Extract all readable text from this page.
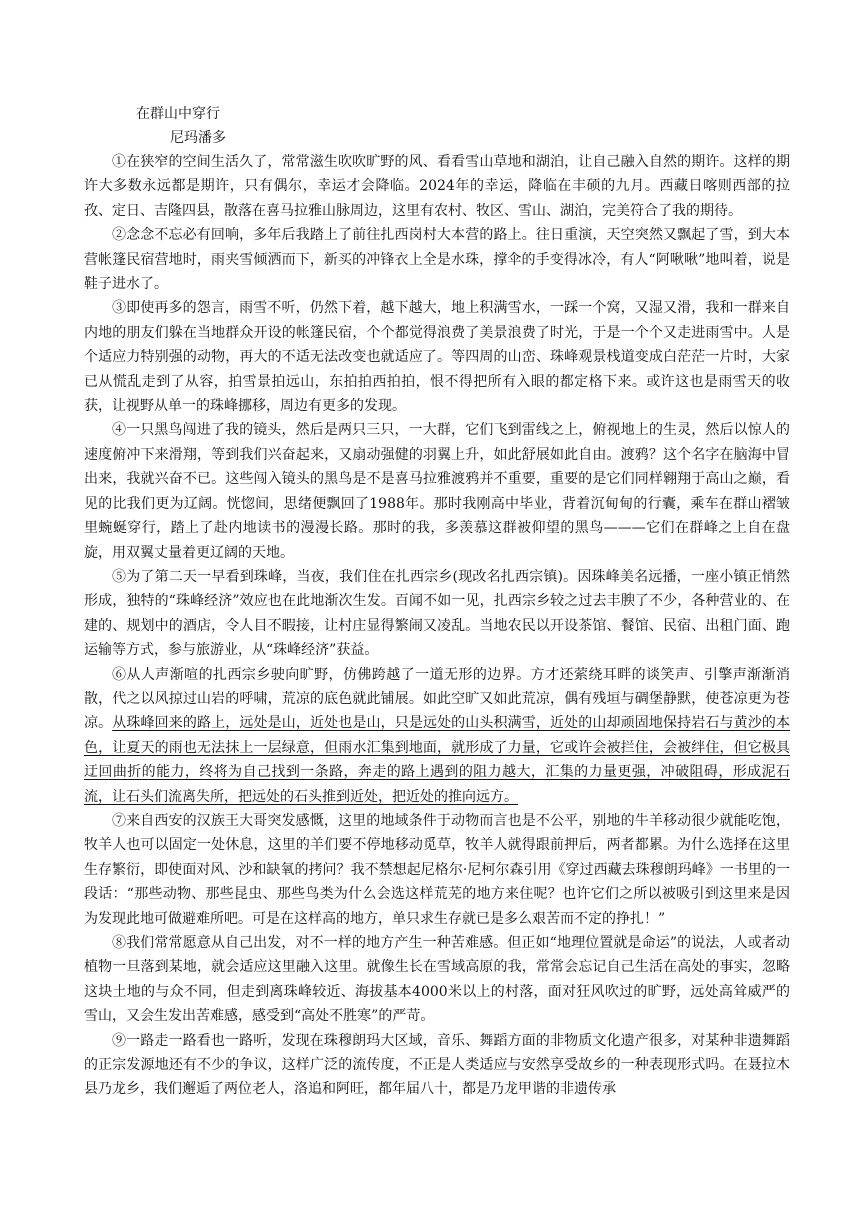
在群山中穿行
尼玛潘多

①在狭窄的空间生活久了，常常滋生吹吹旷野的风、看看雪山草地和湖泊，让自己融入自然的期许。这样的期许大多数永远都是期许，只有偶尔，幸运才会降临。2024年的幸运，降临在丰硕的九月。西藏日喀则西部的拉孜、定日、吉隆四县，散落在喜马拉雅山脉周边，这里有农村、牧区、雪山、湖泊，完美符合了我的期待。

②念念不忘必有回响，多年后我踏上了前往扎西岗村大本营的路上。往日重演，天空突然又飘起了雪，到大本营帐篷民宿营地时，雨夹雪倾洒而下，新买的冲锋衣上全是水珠，撑伞的手变得冰冷，有人“阿啾啾”地叫着，说是鞋子进水了。

③即使再多的怨言，雨雪不听，仍然下着，越下越大，地上积满雪水，一踩一个窝，又湿又滑，我和一群来自内地的朋友们躲在当地群众开设的帐篷民宿，个个都觉得浪费了美景浪费了时光，于是一个个又走进雨雪中。人是个适应力特别强的动物，再大的不适无法改变也就适应了。等四周的山峦、珠峰观景栈道变成白茫茫一片时，大家已从慌乱走到了从容，拍雪景拍远山，东拍拍西拍拍，恨不得把所有入眼的都定格下来。或许这也是雨雪天的收获，让视野从单一的珠峰挪移，周边有更多的发现。

④一只黑鸟闯进了我的镜头，然后是两只三只，一大群，它们飞到雷线之上，俯视地上的生灵，然后以惊人的速度俯冲下来滑翔，等到我们兴奋起来，又扇动强健的羽翼上升，如此舒展如此自由。渡鸦？这个名字在脑海中冒出来，我就兴奋不已。这些闯入镜头的黑鸟是不是喜马拉雅渡鸦并不重要，重要的是它们同样翱翔于高山之巅，看见的比我们更为辽阔。恍惚间，思绪便飘回了1988年。那时我刚高中毕业，背着沉甸甸的行囊，乘车在群山褶皱里蜿蜒穿行，踏上了赴内地读书的漫漫长路。那时的我，多羡慕这群被仰望的黑鸟———它们在群峰之上自在盘旋，用双翼丈量着更辽阔的天地。

⑤为了第二天一早看到珠峰，当夜，我们住在扎西宗乡(现改名扎西宗镇)。因珠峰美名远播，一座小镇正悄然形成，独特的“珠峰经济”效应也在此地渐次生发。百闻不如一见，扎西宗乡较之过去丰腴了不少，各种营业的、在建的、规划中的酒店，令人目不暇接，让村庄显得繁闹又凌乱。当地农民以开设茶馆、餐馆、民宿、出租门面、跑运输等方式，参与旅游业，从“珠峰经济”获益。

⑥从人声渐喧的扎西宗乡驶向旷野，仿佛跨越了一道无形的边界。方才还萦绕耳畔的谈笑声、引擎声渐渐消散，代之以风掠过山岩的呼啸，荒凉的底色就此铺展。如此空旷又如此荒凉，偶有残垣与碉堡静默，使苍凉更为苍凉。从珠峰回来的路上，远处是山，近处也是山，只是远处的山头积满雪，近处的山却顽固地保持岩石与黄沙的本色，让夏天的雨也无法抹上一层绿意，但雨水汇集到地面，就形成了力量，它或许会被拦住，会被绊住，但它极具迂回曲折的能力，终将为自己找到一条路，奔走的路上遇到的阻力越大，汇集的力量更强，冲破阻碍，形成泥石流，让石头们流离失所，把远处的石头推到近处，把近处的推向远方。

⑦来自西安的汉族王大哥突发感慨，这里的地域条件于动物而言也是不公平，别地的牛羊移动很少就能吃饱，牧羊人也可以固定一处休息，这里的羊们要不停地移动觅草，牧羊人就得跟前押后，两者都累。为什么选择在这里生存繁衍，即使面对风、沙和缺氧的拷问？我不禁想起尼格尔·尼柯尔森引用《穿过西藏去珠穆朗玛峰》一书里的一段话：“那些动物、那些昆虫、那些鸟类为什么会选这样荒芜的地方来住呢？也许它们之所以被吸引到这里来是因为发现此地可做避难所吧。可是在这样高的地方，单只求生存就已是多么艰苦而不定的挣扎！”

⑧我们常常愿意从自己出发，对不一样的地方产生一种苦难感。但正如“地理位置就是命运”的说法，人或者动植物一旦落到某地，就会适应这里融入这里。就像生长在雪域高原的我，常常会忘记自己生活在高处的事实，忽略这块土地的与众不同，但走到离珠峰较近、海拔基本4000米以上的村落，面对狂风吹过的旷野，远处高耸威严的雪山，又会生发出苦难感，感受到“高处不胜寒”的严苛。

⑨一路走一路看也一路听，发现在珠穆朗玛大区域，音乐、舞蹈方面的非物质文化遗产很多，对某种非遗舞蹈的正宗发源地还有不少的争议，这样广泛的流传度，不正是人类适应与安然享受故乡的一种表现形式吗。在聂拉木县乃龙乡，我们邂逅了两位老人，洛追和阿旺，都年届八十，都是乃龙甲谐的非遗传承
